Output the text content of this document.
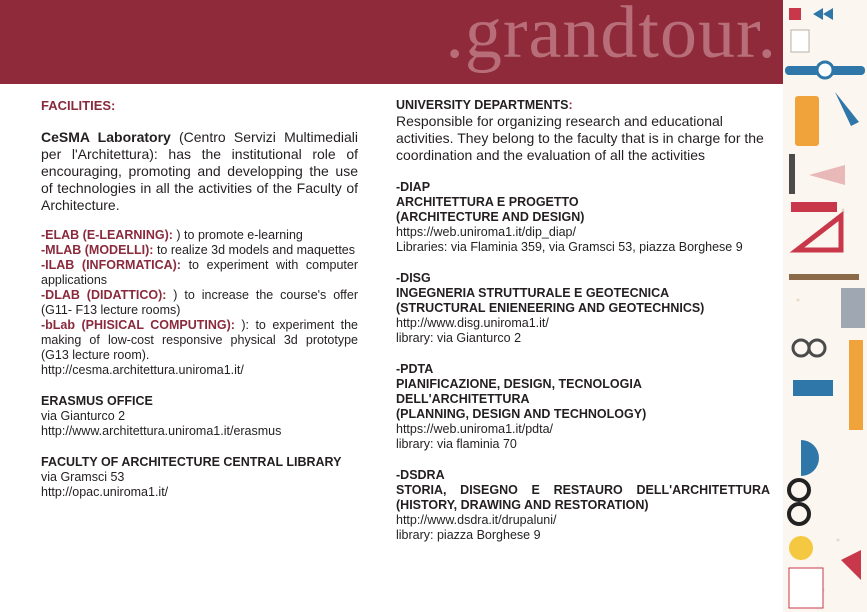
.grandtour.

FACILITIES:

CeSMA Laboratory (Centro Servizi Multimediali per l'Architettura): has the institutional role of encouraging, promoting and developping the use of technologies in all the activities of the Faculty of Architecture.

-ELAB (E-LEARNING): ) to promote e-learning

-MLAB (MODELLI): to realize 3d models and maquettes

-ILAB (INFORMATICA): to experiment with computer applications

-DLAB (DIDATTICO): ) to increase the course's offer (G11- F13 lecture rooms)

-bLab (PHISICAL COMPUTING): ): to experiment the making of low-cost responsive physical 3d prototype (G13 lecture room).

http://cesma.architettura.uniroma1.it/

ERASMUS OFFICE

via Gianturco 2

http://www.architettura.uniroma1.it/erasmus

FACULTY OF ARCHITECTURE CENTRAL LIBRARY

via Gramsci 53

http://opac.uniroma1.it/

UNIVERSITY DEPARTMENTS:

Responsible for organizing research and educational activities. They belong to the faculty that is in charge for the coordination and the evaluation of all the activities

-DIAP

ARCHITETTURA E PROGETTO

(ARCHITECTURE AND DESIGN)

https://web.uniroma1.it/dip_diap/

Libraries: via Flaminia 359, via Gramsci 53, piazza Borghese 9

-DISG

INGEGNERIA STRUTTURALE E GEOTECNICA

(STRUCTURAL ENIENEERING AND GEOTECHNICS)

http://www.disg.uniroma1.it/

library: via Gianturco 2

-PDTA

PIANIFICAZIONE, DESIGN, TECNOLOGIA

DELL'ARCHITETTURA

(PLANNING, DESIGN AND TECHNOLOGY)

https://web.uniroma1.it/pdta/

library: via flaminia 70

-DSDRA

STORIA, DISEGNO E RESTAURO DELL'ARCHITETTURA

(HISTORY, DRAWING AND RESTORATION)

http://www.dsdra.it/drupaluni/

library: piazza Borghese 9
